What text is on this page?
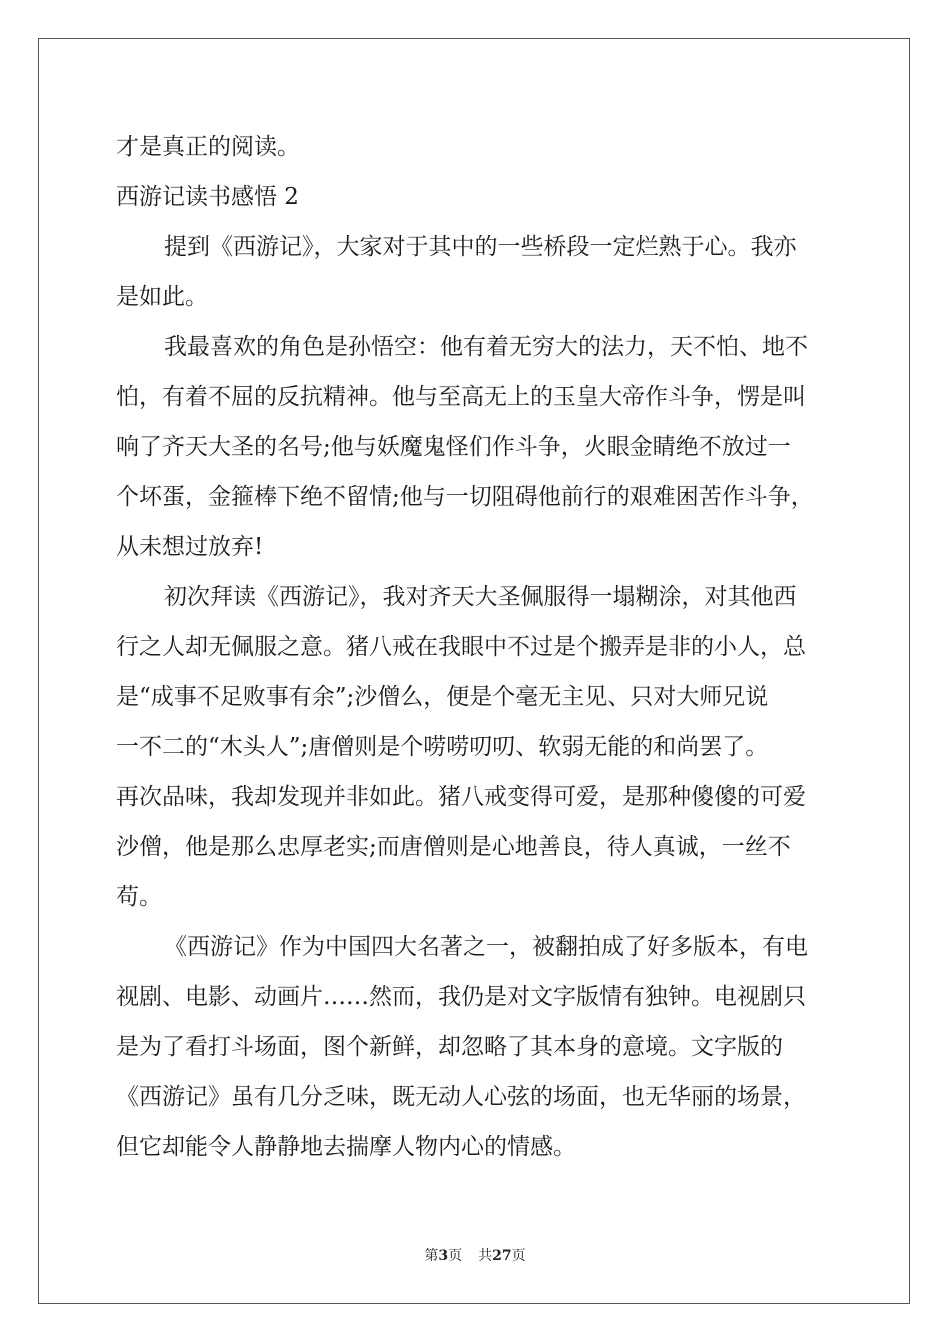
才是真正的阅读。
西游记读书感悟 2
提到《西游记》，大家对于其中的一些桥段一定烂熟于心。我亦
是如此。
我最喜欢的角色是孙悟空：他有着无穷大的法力，天不怕、地不
怕，有着不屈的反抗精神。他与至高无上的玉皇大帝作斗争，愣是叫
响了齐天大圣的名号;他与妖魔鬼怪们作斗争，火眼金睛绝不放过一
个坏蛋，金箍棒下绝不留情;他与一切阻碍他前行的艰难困苦作斗争，
从未想过放弃!
初次拜读《西游记》，我对齐天大圣佩服得一塌糊涂，对其他西
行之人却无佩服之意。猪八戒在我眼中不过是个搬弄是非的小人，总
是“成事不足败事有余”;沙僧么，便是个毫无主见、只对大师兄说
一不二的“木头人”;唐僧则是个唠唠叨叨、软弱无能的和尚罢了。
再次品味，我却发现并非如此。猪八戒变得可爱，是那种傻傻的可爱
沙僧，他是那么忠厚老实;而唐僧则是心地善良，待人真诚，一丝不
苟。
《西游记》作为中国四大名著之一，被翻拍成了好多版本，有电
视剧、电影、动画片……然而，我仍是对文字版情有独钟。电视剧只
是为了看打斗场面，图个新鲜，却忽略了其本身的意境。文字版的
《西游记》虽有几分乏味，既无动人心弦的场面，也无华丽的场景，
但它却能令人静静地去揣摩人物内心的情感。
第3页 共27页
